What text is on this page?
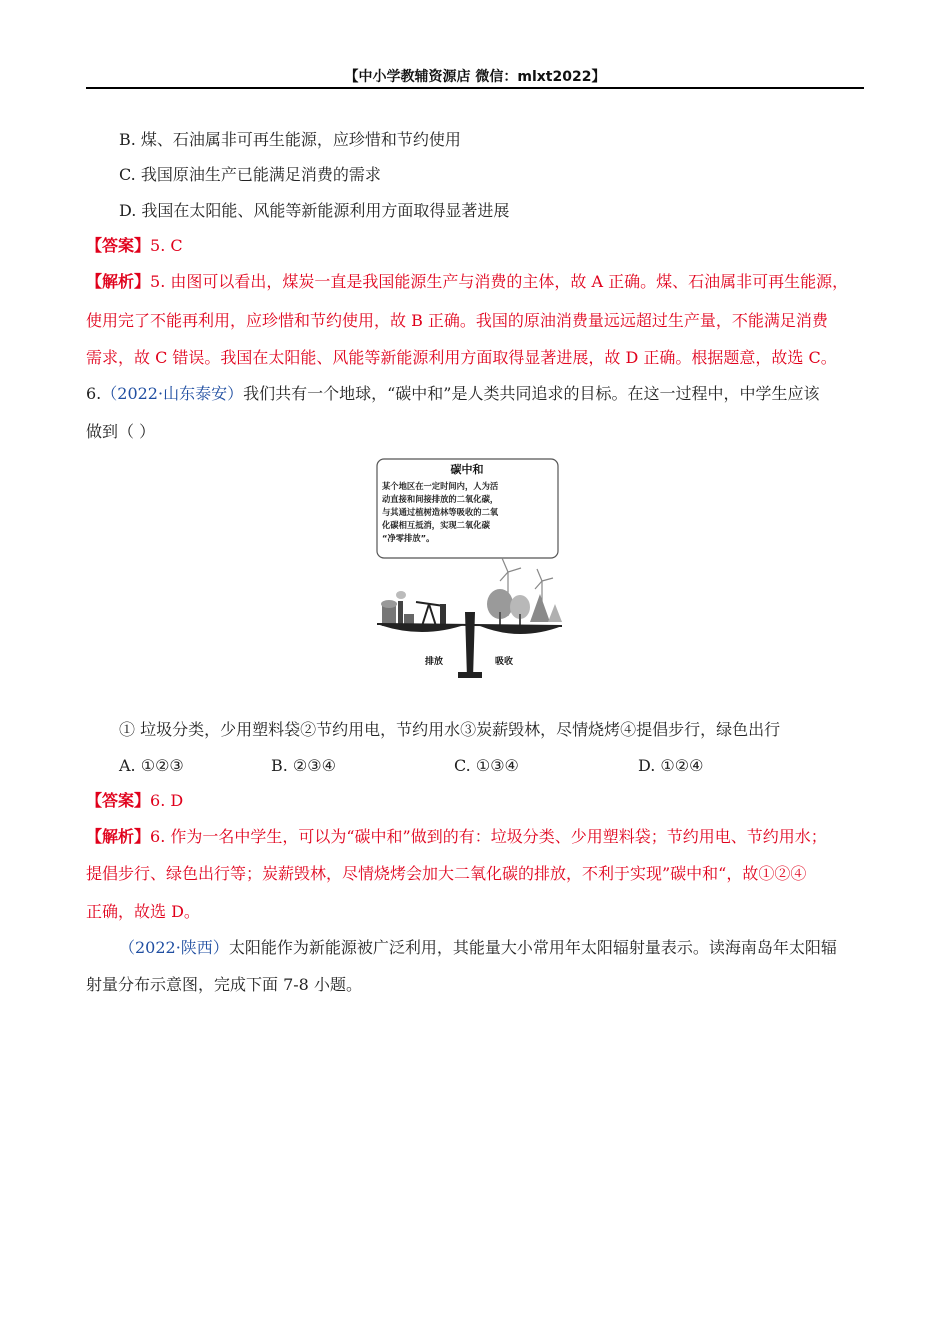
【中小学教辅资源店 微信：mlxt2022】
B. 煤、石油属非可再生能源，应珍惜和节约使用
C. 我国原油生产已能满足消费的需求
D. 我国在太阳能、风能等新能源利用方面取得显著进展
【答案】5. C
【解析】5. 由图可以看出，煤炭一直是我国能源生产与消费的主体，故 A 正确。煤、石油属非可再生能源，
使用完了不能再利用，应珍惜和节约使用，故 B 正确。我国的原油消费量远远超过生产量，不能满足消费
需求，故 C 错误。我国在太阳能、风能等新能源利用方面取得显著进展，故 D 正确。根据题意，故选 C。
6.（2022·山东泰安）我们共有一个地球，“碳中和”是人类共同追求的目标。在这一过程中，中学生应该
做到（ ）
碳中和
某个地区在一定时间内，人为活
动直接和间接排放的二氧化碳，
与其通过植树造林等吸收的二氧
化碳相互抵消，实现二氧化碳
“净零排放”。
排放	吸收
① 垃圾分类，少用塑料袋②节约用电，节约用水③炭薪毁林，尽情烧烤④提倡步行，绿色出行
A. ①②③	B. ②③④	C. ①③④	D. ①②④
【答案】6. D
【解析】6. 作为一名中学生，可以为“碳中和”做到的有：垃圾分类、少用塑料袋；节约用电、节约用水；
提倡步行、绿色出行等；炭薪毁林，尽情烧烤会加大二氧化碳的排放，不利于实现”碳中和“，故①②④
正确，故选 D。
（2022·陕西）太阳能作为新能源被广泛利用，其能量大小常用年太阳辐射量表示。读海南岛年太阳辐
射量分布示意图，完成下面 7-8 小题。
